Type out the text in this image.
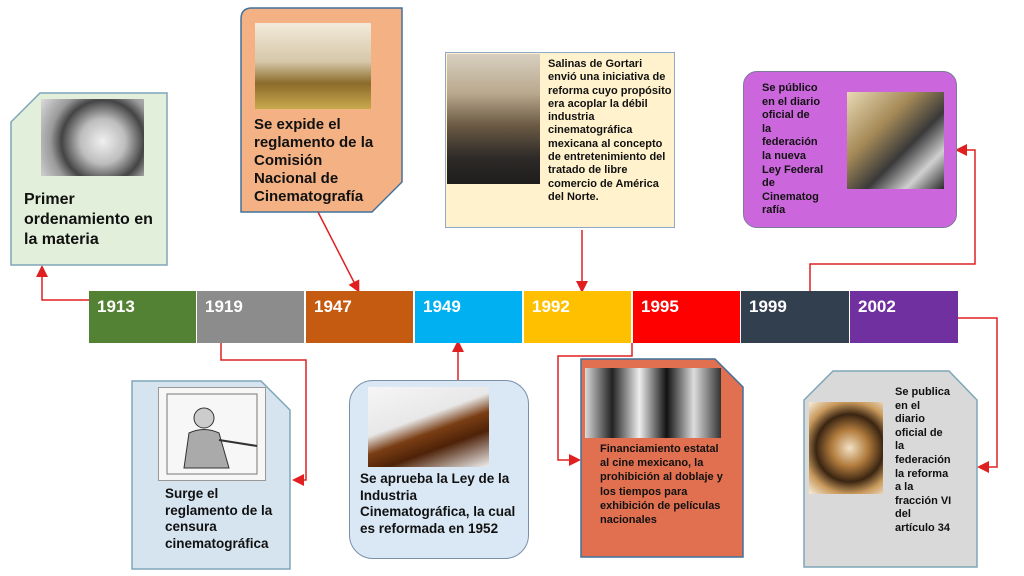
1913	1919	1947	1949	1992	1995	1999	2002
Primer ordenamiento en la materia
Se expide el
reglamento de la
Comisión
Nacional de
Cinematografía
Salinas de Gortari envió una iniciativa de reforma cuyo propósito era acoplar la débil industria cinematográfica mexicana al concepto de entretenimiento del tratado de libre comercio de América del Norte.
Se público
en el diario
oficial de
la
federación
la nueva
Ley Federal
de
Cinematog
rafía
Surge el reglamento de la censura cinematográfica
Se aprueba la Ley de la Industria Cinematográfica, la cual es reformada en 1952
Financiamiento estatal al cine mexicano, la prohibición al doblaje y los tiempos para exhibición de películas nacionales
Se publica
en el
diario
oficial de
la
federación
la reforma
a la
fracción VI
del
artículo 34
